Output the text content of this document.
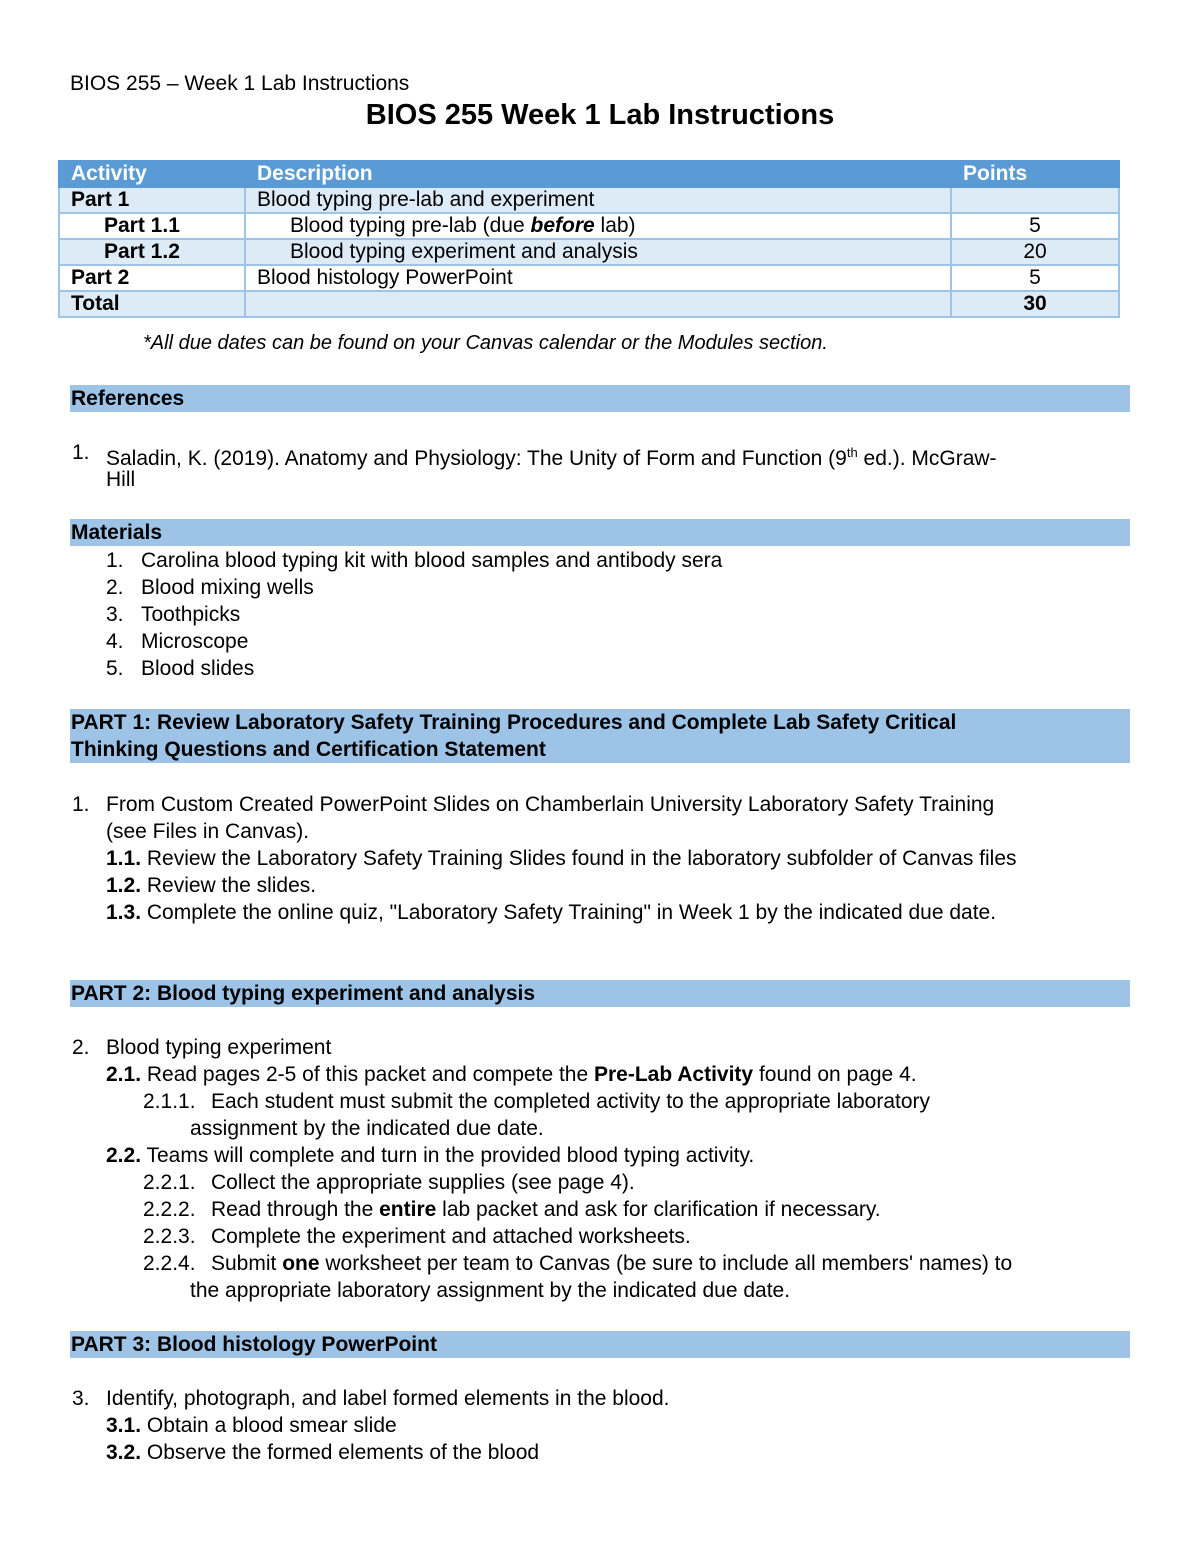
BIOS 255 – Week 1 Lab Instructions
BIOS 255 Week 1 Lab Instructions
Activity	Description	Points
Part 1	Blood typing pre-lab and experiment	
Part 1.1	Blood typing pre-lab (due before lab)	5
Part 1.2	Blood typing experiment and analysis	20
Part 2	Blood histology PowerPoint	5
Total		30
*All due dates can be found on your Canvas calendar or the Modules section.
References
1. Saladin, K. (2019). Anatomy and Physiology: The Unity of Form and Function (9th ed.). McGraw-
Hill
Materials
1. Carolina blood typing kit with blood samples and antibody sera
2. Blood mixing wells
3. Toothpicks
4. Microscope
5. Blood slides
PART 1: Review Laboratory Safety Training Procedures and Complete Lab Safety Critical
Thinking Questions and Certification Statement
1. From Custom Created PowerPoint Slides on Chamberlain University Laboratory Safety Training
(see Files in Canvas).
1.1. Review the Laboratory Safety Training Slides found in the laboratory subfolder of Canvas files
1.2. Review the slides.
1.3. Complete the online quiz, "Laboratory Safety Training" in Week 1 by the indicated due date.
PART 2: Blood typing experiment and analysis
2. Blood typing experiment
2.1. Read pages 2-5 of this packet and compete the Pre-Lab Activity found on page 4.
2.1.1. Each student must submit the completed activity to the appropriate laboratory
assignment by the indicated due date.
2.2. Teams will complete and turn in the provided blood typing activity.
2.2.1. Collect the appropriate supplies (see page 4).
2.2.2. Read through the entire lab packet and ask for clarification if necessary.
2.2.3. Complete the experiment and attached worksheets.
2.2.4. Submit one worksheet per team to Canvas (be sure to include all members' names) to
the appropriate laboratory assignment by the indicated due date.
PART 3: Blood histology PowerPoint
3. Identify, photograph, and label formed elements in the blood.
3.1. Obtain a blood smear slide
3.2. Observe the formed elements of the blood
